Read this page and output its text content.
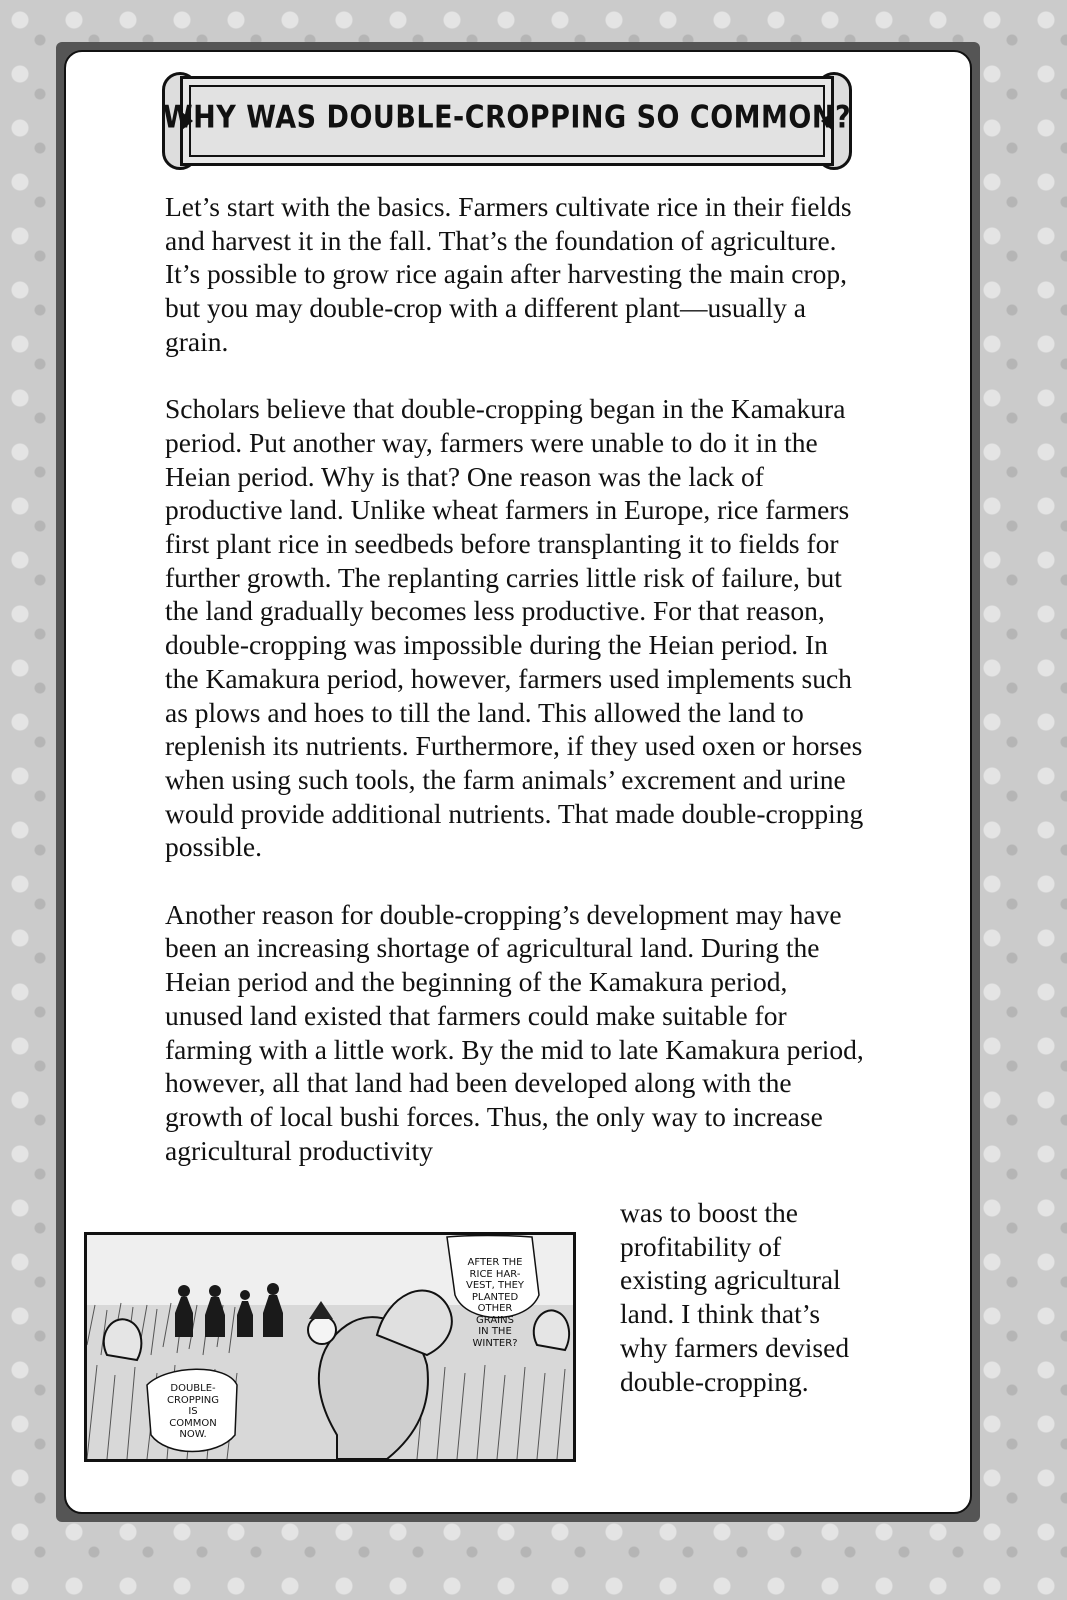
WHY WAS DOUBLE-CROPPING SO COMMON?

Let’s start with the basics. Farmers cultivate rice in their fields and harvest it in the fall. That’s the foundation of agriculture. It’s possible to grow rice again after harvesting the main crop, but you may double-crop with a different plant—usually a grain.

Scholars believe that double-cropping began in the Kamakura period. Put another way, farmers were unable to do it in the Heian period. Why is that? One reason was the lack of productive land. Unlike wheat farmers in Europe, rice farmers first plant rice in seedbeds before transplanting it to fields for further growth. The replanting carries little risk of failure, but the land gradually becomes less productive. For that reason, double-cropping was impossible during the Heian period. In the Kamakura period, however, farmers used implements such as plows and hoes to till the land. This allowed the land to replenish its nutrients. Furthermore, if they used oxen or horses when using such tools, the farm animals’ excrement and urine would provide additional nutrients. That made double-cropping possible.

Another reason for double-cropping’s development may have been an increasing shortage of agricultural land. During the Heian period and the beginning of the Kamakura period, unused land existed that farmers could make suitable for farming with a little work. By the mid to late Kamakura period, however, all that land had been developed along with the growth of local bushi forces. Thus, the only way to increase agricultural productivity

was to boost the profitability of existing agricultural land. I think that’s why farmers devised double-cropping.
AFTER THE
RICE HAR-
VEST, THEY
PLANTED
OTHER
GRAINS
IN THE
WINTER?
DOUBLE-
CROPPING
IS
COMMON
NOW.
